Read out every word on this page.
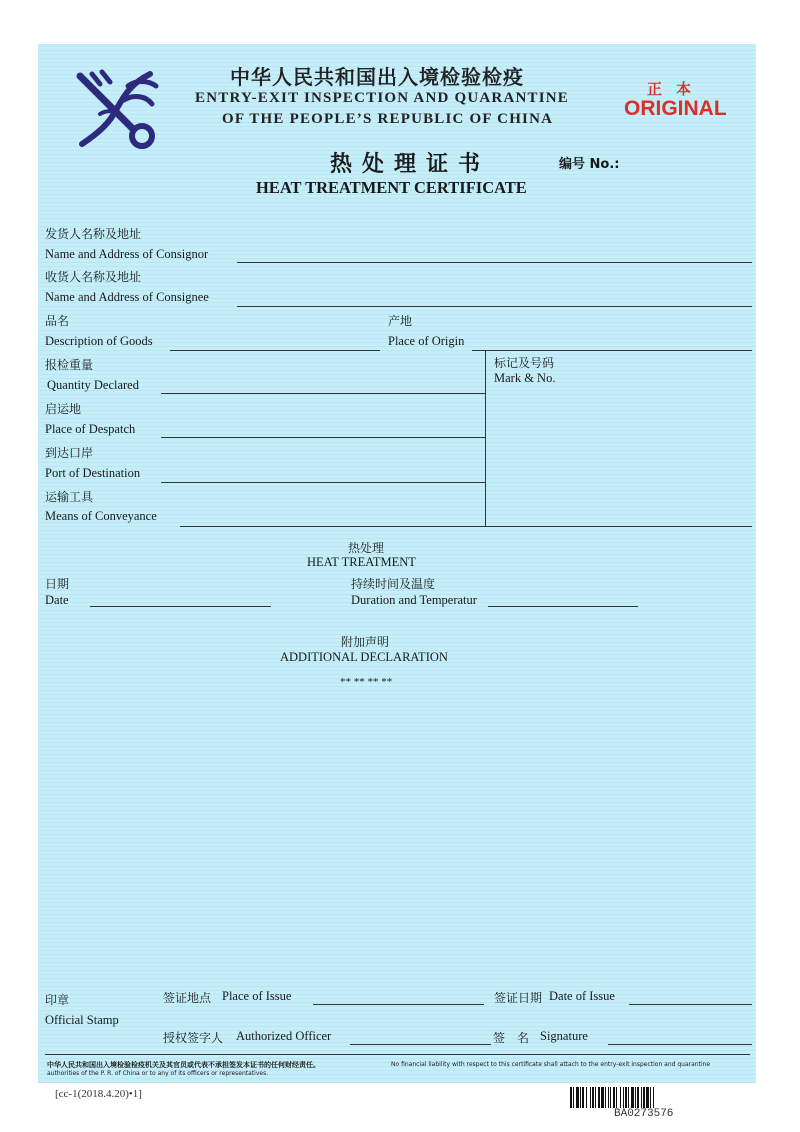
中华人民共和国出入境检验检疫
ENTRY-EXIT INSPECTION AND QUARANTINE
OF THE PEOPLE’S REPUBLIC OF CHINA
正本
ORIGINAL
热处理证书	编号 No.:
HEAT TREATMENT CERTIFICATE
发货人名称及地址
Name and Address of Consignor
收货人名称及地址
Name and Address of Consignee
品名
Description of Goods
产地
Place of Origin
标记及号码
Mark & No.
报检重量
Quantity Declared
启运地
Place of Despatch
到达口岸
Port of Destination
运输工具
Means of Conveyance
热处理
HEAT TREATMENT
日期
Date
持续时间及温度
Duration and Temperatur
附加声明
ADDITIONAL DECLARATION
** ** ** **
印章
Official Stamp
签证地点 Place of Issue	签证日期 Date of Issue
授权签字人 Authorized Officer	签　名 Signature
中华人民共和国出入境检验检疫机关及其官员或代表不承担签发本证书的任何财经责任。	No financial liability with respect to this certificate shall attach to the entry-exit inspection and quarantine
authorities of the P. R. of China or to any of its officers or representatives.
[cc-1(2018.4.20)•1]
BA0273576
